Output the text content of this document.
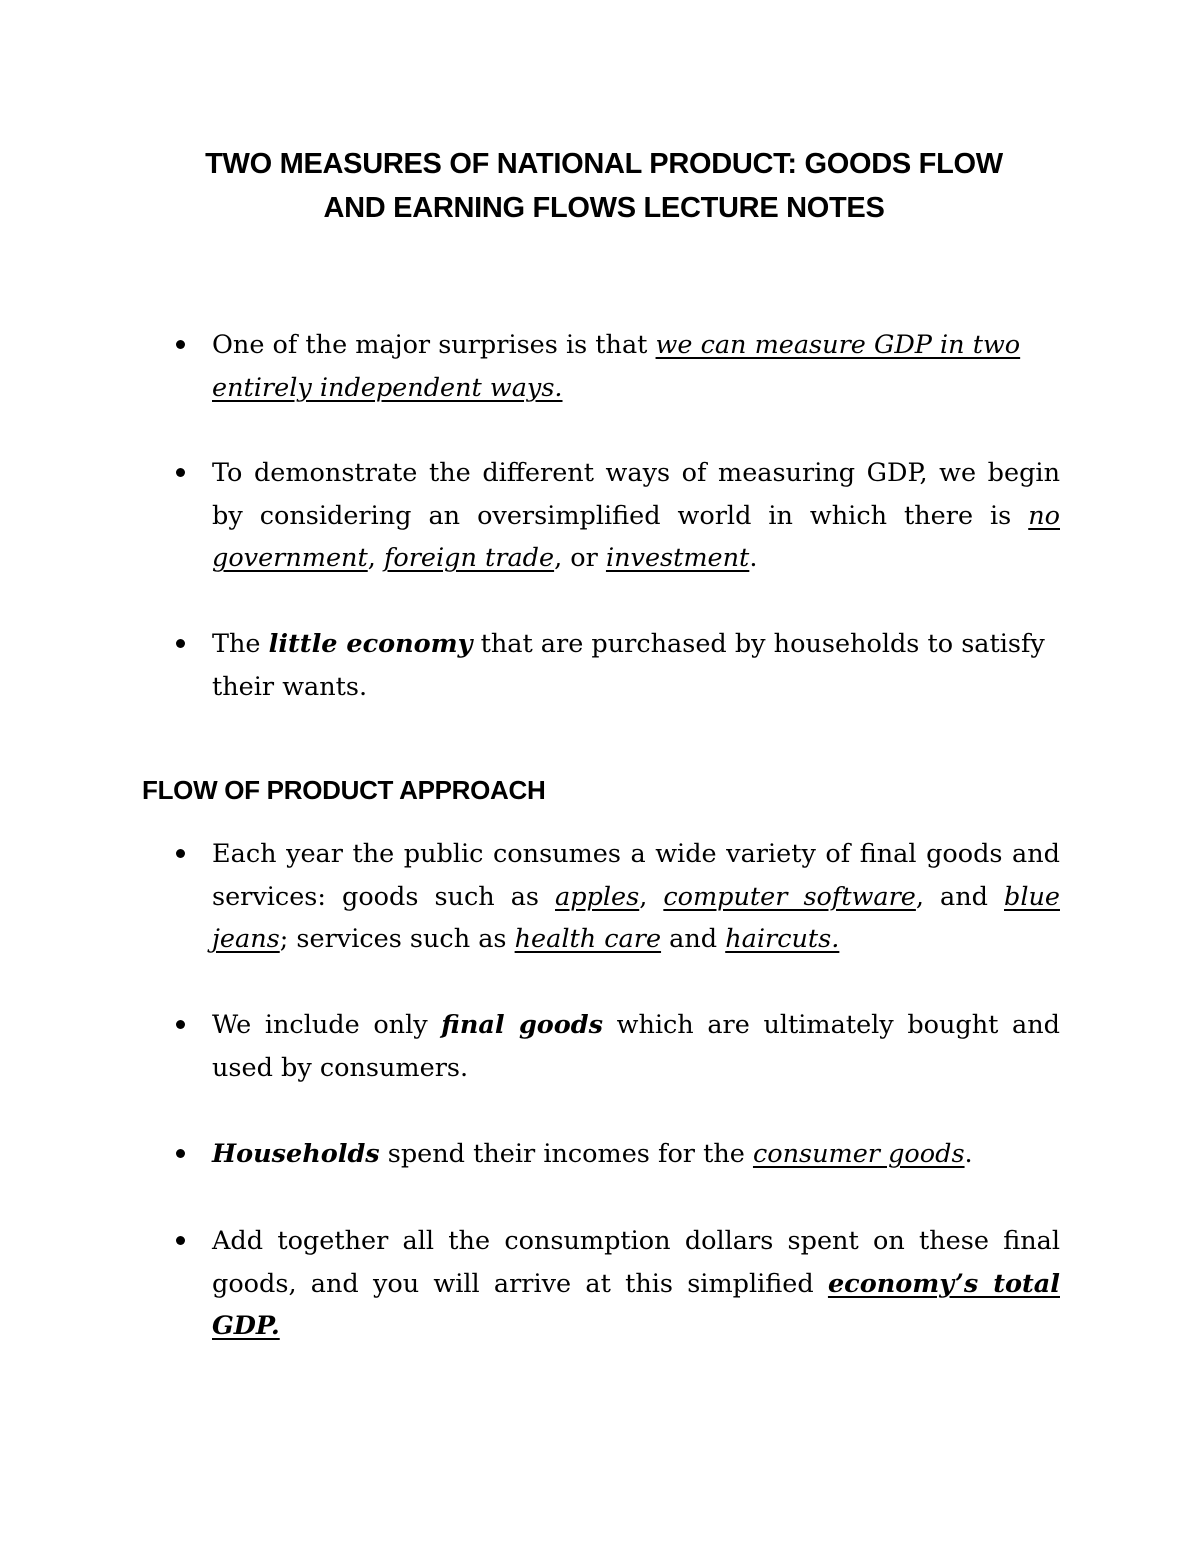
TWO MEASURES OF NATIONAL PRODUCT: GOODS FLOW
AND EARNING FLOWS LECTURE NOTES
One of the major surprises is that we can measure GDP in two entirely independent ways.
To demonstrate the different ways of measuring GDP, we begin by considering an oversimplified world in which there is no government, foreign trade, or investment.
The little economy that are purchased by households to satisfy their wants.
FLOW OF PRODUCT APPROACH
Each year the public consumes a wide variety of final goods and services: goods such as apples, computer software, and blue jeans; services such as health care and haircuts.
We include only final goods which are ultimately bought and used by consumers.
Households spend their incomes for the consumer goods.
Add together all the consumption dollars spent on these final goods, and you will arrive at this simplified economy’s total GDP.
